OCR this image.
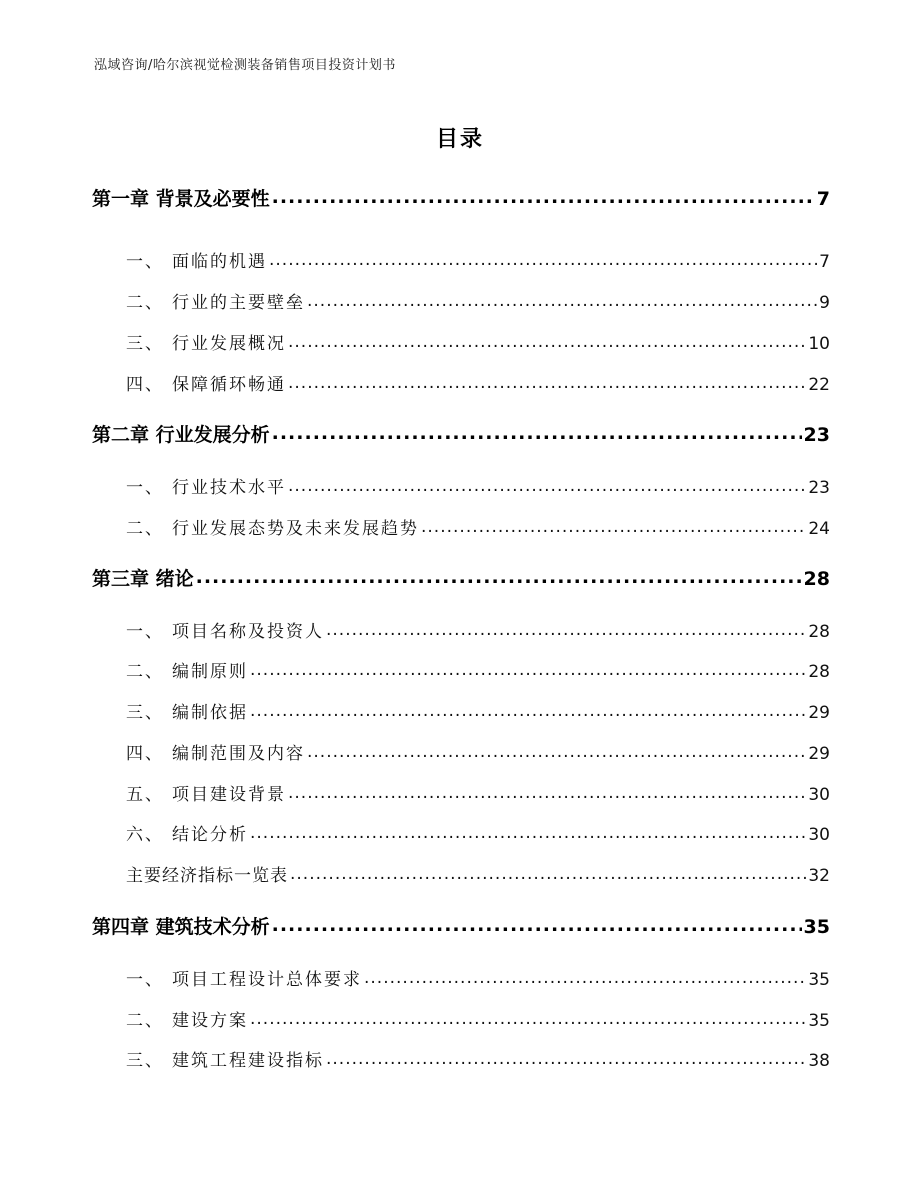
泓域咨询/哈尔滨视觉检测装备销售项目投资计划书
目录
第一章 背景及必要性 .....	7
一、 面临的机遇 .....	7
二、 行业的主要壁垒 .....	9
三、 行业发展概况 .....	10
四、 保障循环畅通 .....	22
第二章 行业发展分析 .....	23
一、 行业技术水平 .....	23
二、 行业发展态势及未来发展趋势 .....	24
第三章 绪论 .....	28
一、 项目名称及投资人 .....	28
二、 编制原则 .....	28
三、 编制依据 .....	29
四、 编制范围及内容 .....	29
五、 项目建设背景 .....	30
六、 结论分析 .....	30
主要经济指标一览表 .....	32
第四章 建筑技术分析 .....	35
一、 项目工程设计总体要求 .....	35
二、 建设方案 .....	35
三、 建筑工程建设指标 .....	38
